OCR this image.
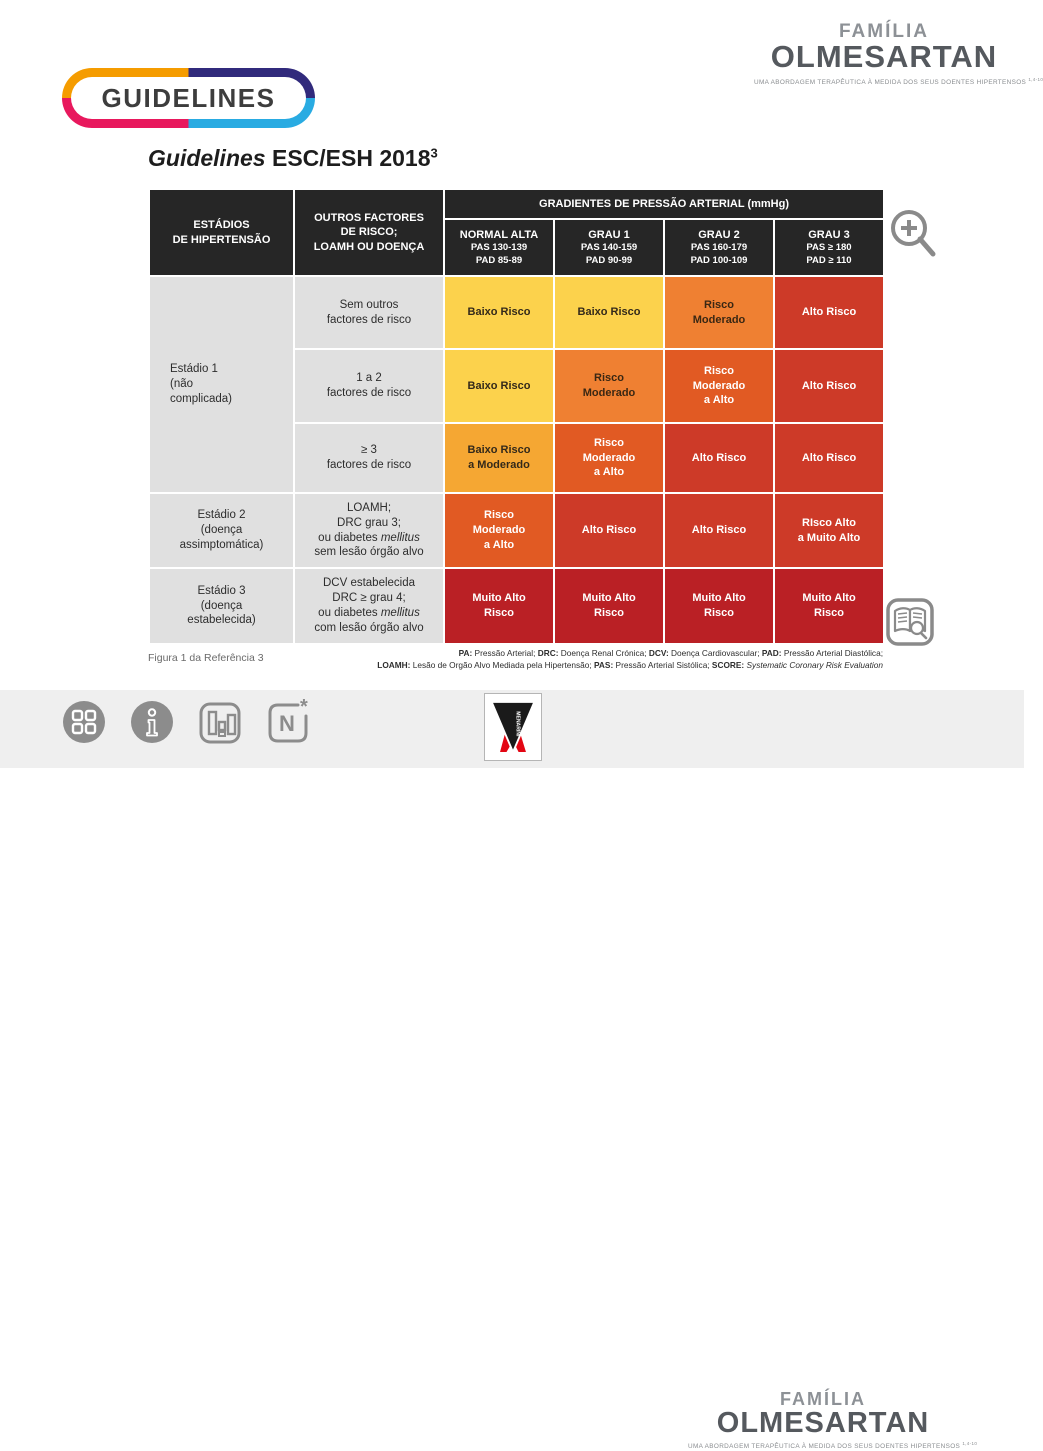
FAMÍLIA
OLMESARTAN
UMA ABORDAGEM TERAPÊUTICA À MEDIDA DOS SEUS DOENTES HIPERTENSOS $^{1,4-10}$
GUIDELINES
Guidelines ESC/ESH 2018$^3$
ESTÁDIOS
DE HIPERTENSÃO	OUTROS FACTORES
DE RISCO;
LOAMH OU DOENÇA	GRADIENTES DE PRESSÃO ARTERIAL (mmHg)			
		NORMAL ALTA
PAS 130-139
PAD 85-89	GRAU 1
PAS 140-159
PAD 90-99	GRAU 2
PAS 160-179
PAD 100-109	GRAU 3
PAS ≥ 180
PAD ≥ 110

Estádio 1
(não
complicada)	Sem outros
factores de risco	Baixo Risco	Baixo Risco	Risco
Moderado	Alto Risco
	1 a 2
factores de risco	Baixo Risco	Risco
Moderado	Risco
Moderado
a Alto	Alto Risco
	≥ 3
factores de risco	Baixo Risco
a Moderado	Risco
Moderado
a Alto	Alto Risco	Alto Risco
Estádio 2
(doença
assimptomática)	LOAMH;
DRC grau 3;
ou diabetes mellitus
sem lesão órgão alvo	Risco
Moderado
a Alto	Alto Risco	Alto Risco	RIsco Alto
a Muito Alto
Estádio 3
(doença
estabelecida)	DCV estabelecida
DRC ≥ grau 4;
ou diabetes mellitus
com lesão órgão alvo	Muito Alto
Risco	Muito Alto
Risco	Muito Alto
Risco	Muito Alto
Risco
Figura 1 da Referência 3	PA: Pressão Arterial; DRC: Doença Renal Crónica; DCV: Doença Cardiovascular; PAD: Pressão Arterial Diastólica;
LOAMH: Lesão de Orgão Alvo Mediada pela Hipertensão; PAS: Pressão Arterial Sistólica; SCORE: Systematic Coronary Risk Evaluation
N
*
MENARINI
FAMÍLIA
OLMESARTAN
UMA ABORDAGEM TERAPÊUTICA À MEDIDA DOS SEUS DOENTES HIPERTENSOS $^{1,4-10}$
